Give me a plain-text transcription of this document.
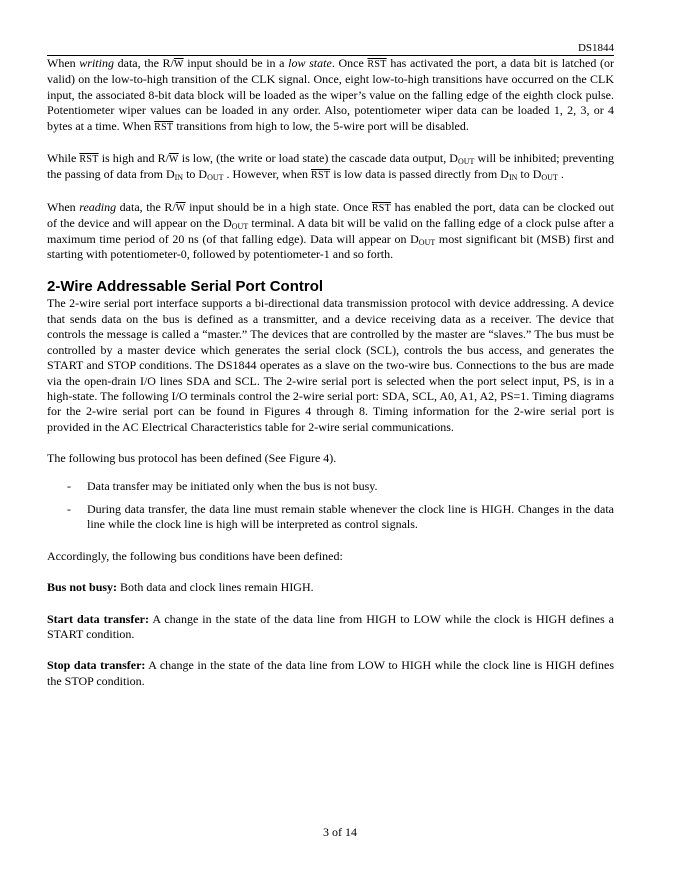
DS1844

When writing data, the $R/\overline{W}$ input should be in a low state. Once $\overline{RST}$ has activated the port, a data bit is latched (or valid) on the low-to-high transition of the CLK signal. Once, eight low-to-high transitions have occurred on the CLK input, the associated 8-bit data block will be loaded as the wiper’s value on the falling edge of the eighth clock pulse. Potentiometer wiper values can be loaded in any order. Also, potentiometer wiper data can be loaded 1, 2, 3, or 4 bytes at a time. When $\overline{RST}$ transitions from high to low, the 5-wire port will be disabled.

While $\overline{RST}$ is high and $R/\overline{W}$ is low, (the write or load state) the cascade data output, $D_{OUT}$ will be inhibited; preventing the passing of data from $D_{IN}$ to $D_{OUT}$ . However, when $\overline{RST}$ is low data is passed directly from $D_{IN}$ to $D_{OUT}$ .

When reading data, the $R/\overline{W}$ input should be in a high state. Once $\overline{RST}$ has enabled the port, data can be clocked out of the device and will appear on the $D_{OUT}$ terminal. A data bit will be valid on the falling edge of a clock pulse after a maximum time period of 20 ns (of that falling edge). Data will appear on $D_{OUT}$ most significant bit (MSB) first and starting with potentiometer-0, followed by potentiometer-1 and so forth.

2-Wire Addressable Serial Port Control

The 2-wire serial port interface supports a bi-directional data transmission protocol with device addressing. A device that sends data on the bus is defined as a transmitter, and a device receiving data as a receiver. The device that controls the message is called a “master.” The devices that are controlled by the master are “slaves.” The bus must be controlled by a master device which generates the serial clock (SCL), controls the bus access, and generates the START and STOP conditions. The DS1844 operates as a slave on the two-wire bus. Connections to the bus are made via the open-drain I/O lines SDA and SCL. The 2-wire serial port is selected when the port select input, PS, is in a high-state. The following I/O terminals control the 2-wire serial port: SDA, SCL, A0, A1, A2, PS=1. Timing diagrams for the 2-wire serial port can be found in Figures 4 through 8. Timing information for the 2-wire serial port is provided in the AC Electrical Characteristics table for 2-wire serial communications.

The following bus protocol has been defined (See Figure 4).

- Data transfer may be initiated only when the bus is not busy.
- During data transfer, the data line must remain stable whenever the clock line is HIGH. Changes in the data line while the clock line is high will be interpreted as control signals.

Accordingly, the following bus conditions have been defined:

Bus not busy: Both data and clock lines remain HIGH.

Start data transfer: A change in the state of the data line from HIGH to LOW while the clock is HIGH defines a START condition.

Stop data transfer: A change in the state of the data line from LOW to HIGH while the clock line is HIGH defines the STOP condition.

3 of 14
